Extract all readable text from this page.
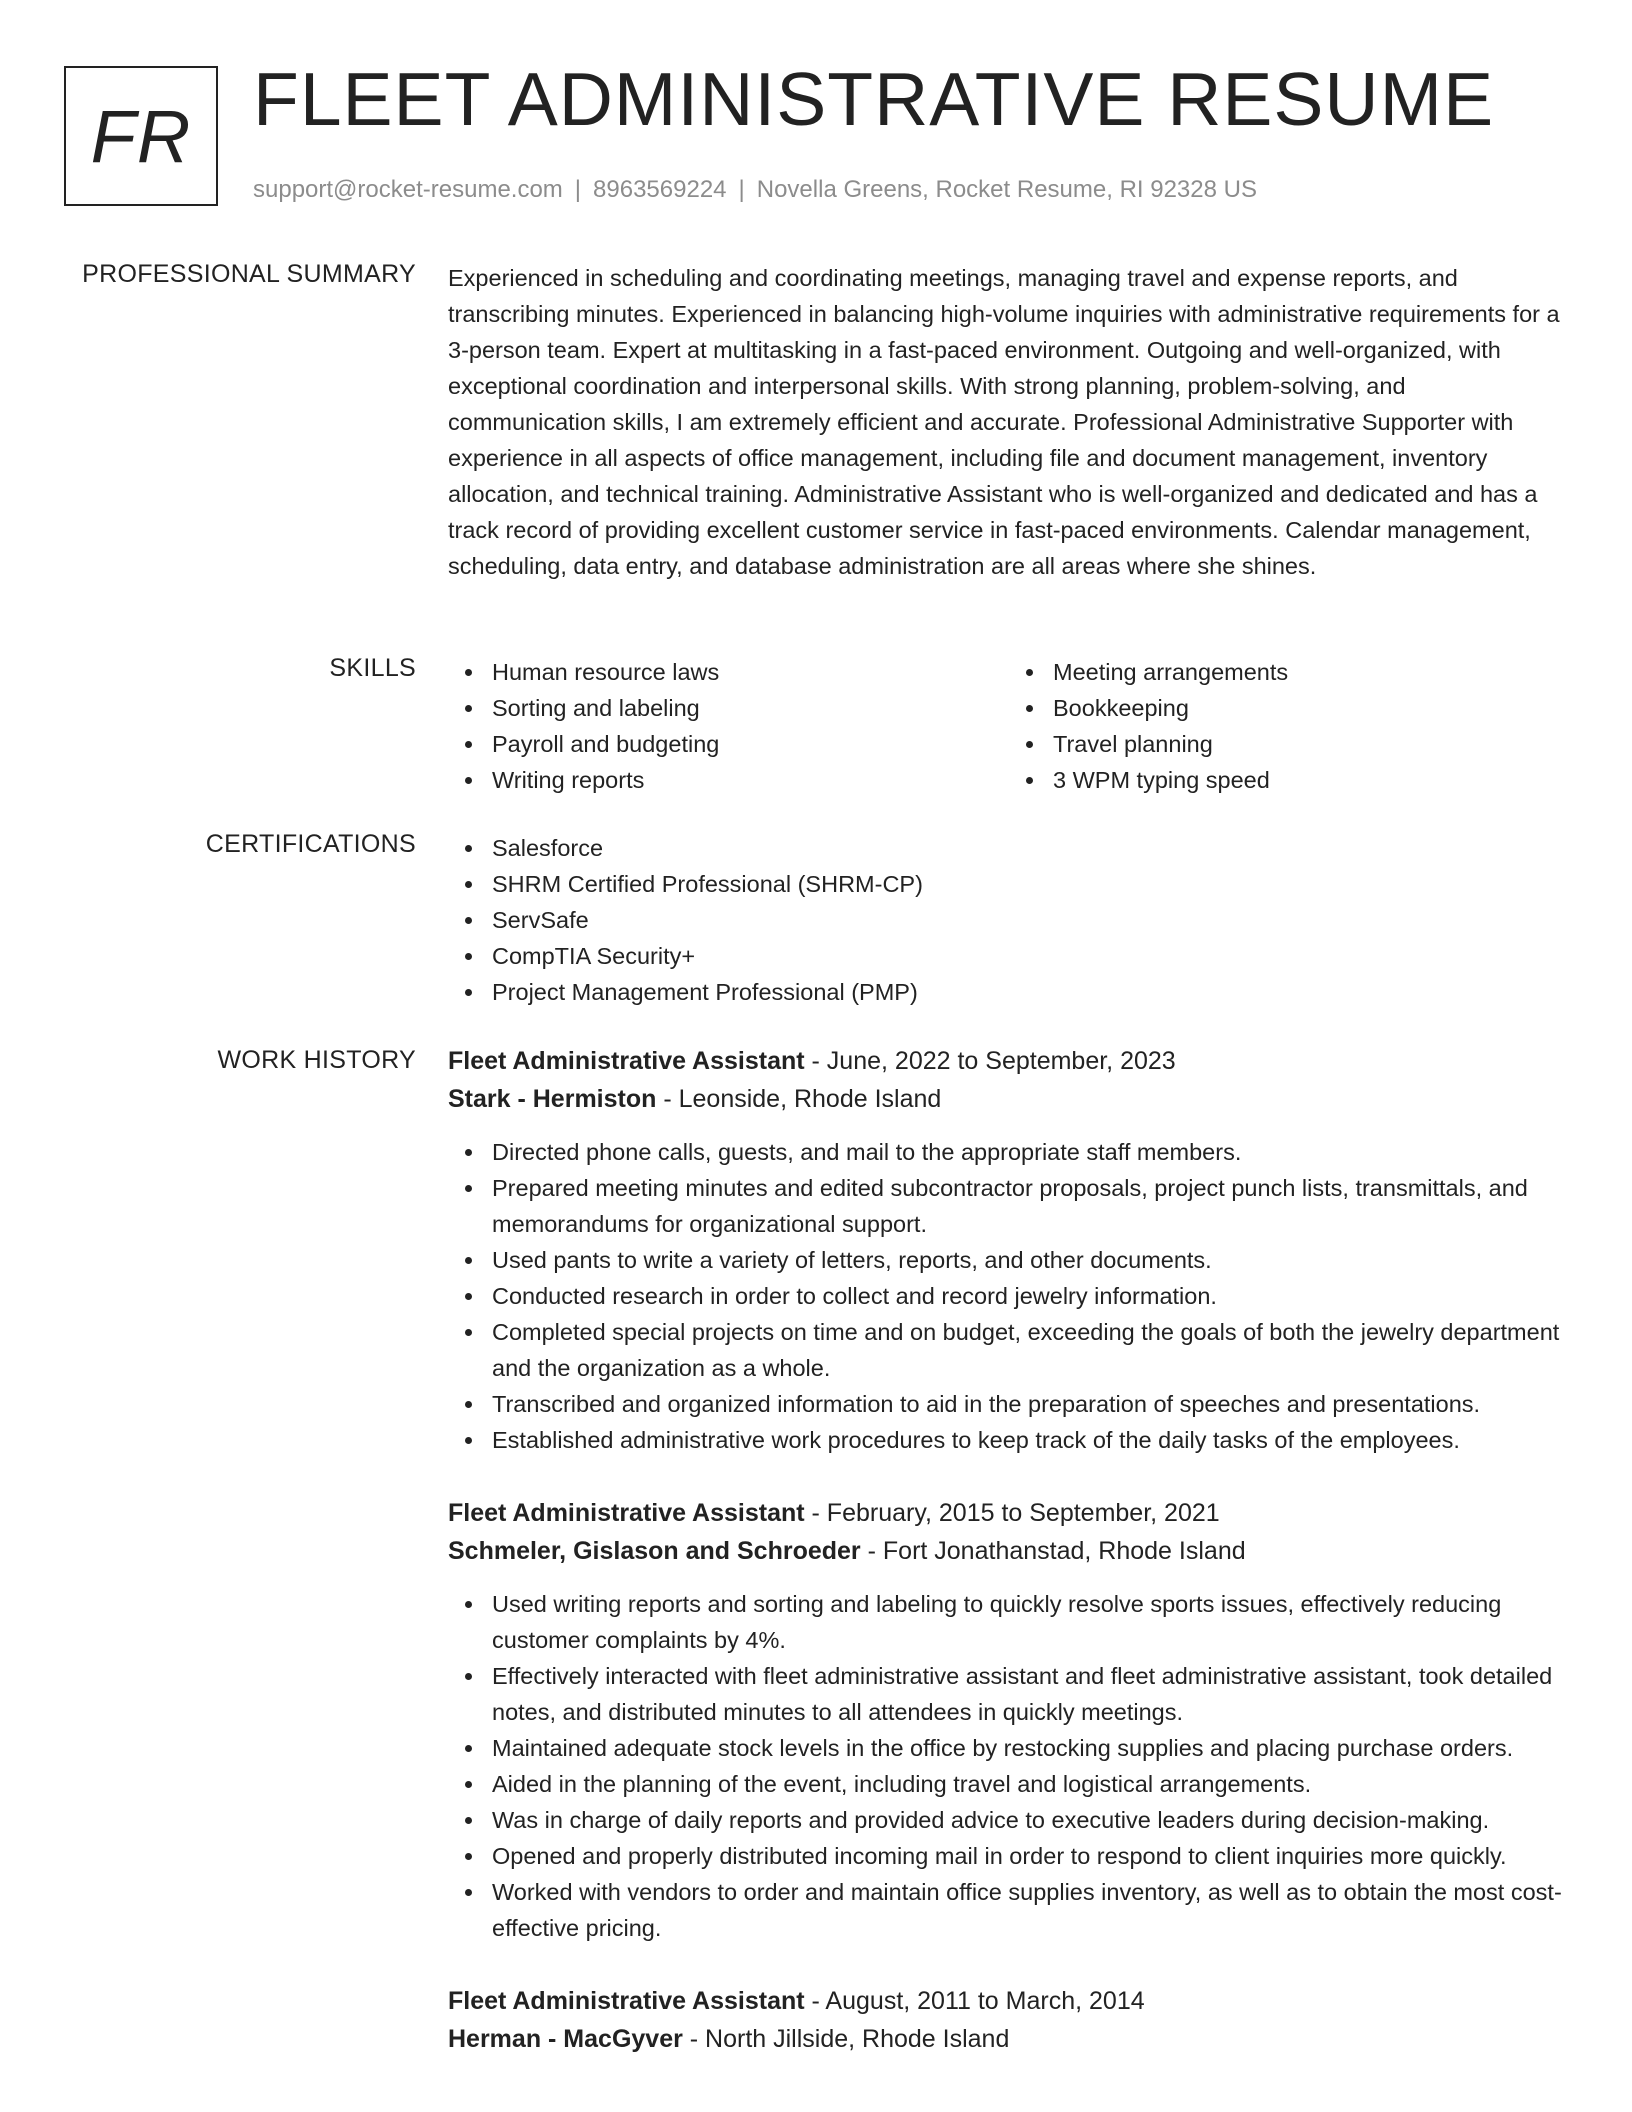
FR FLEET ADMINISTRATIVE RESUME
support@rocket-resume.com | 8963569224 | Novella Greens, Rocket Resume, RI 92328 US
PROFESSIONAL SUMMARY Experienced in scheduling and coordinating meetings, managing travel and expense reports, and transcribing minutes. Experienced in balancing high-volume inquiries with administrative requirements for a 3-person team. Expert at multitasking in a fast-paced environment. Outgoing and well-organized, with exceptional coordination and interpersonal skills. With strong planning, problem-solving, and communication skills, I am extremely efficient and accurate. Professional Administrative Supporter with experience in all aspects of office management, including file and document management, inventory allocation, and technical training. Administrative Assistant who is well-organized and dedicated and has a track record of providing excellent customer service in fast-paced environments. Calendar management, scheduling, data entry, and database administration are all areas where she shines.
SKILLS	Human resource laws
Sorting and labeling
Payroll and budgeting
Writing reports
Meeting arrangements
Bookkeeping
Travel planning
3 WPM typing speed
CERTIFICATIONS	Salesforce
SHRM Certified Professional (SHRM-CP)
ServSafe
CompTIA Security+
Project Management Professional (PMP)
WORK HISTORY Fleet Administrative Assistant - June, 2022 to September, 2023
Stark - Hermiston - Leonside, Rhode Island
Directed phone calls, guests, and mail to the appropriate staff members.
Prepared meeting minutes and edited subcontractor proposals, project punch lists, transmittals, and memorandums for organizational support.
Used pants to write a variety of letters, reports, and other documents.
Conducted research in order to collect and record jewelry information.
Completed special projects on time and on budget, exceeding the goals of both the jewelry department and the organization as a whole.
Transcribed and organized information to aid in the preparation of speeches and presentations.
Established administrative work procedures to keep track of the daily tasks of the employees.
Fleet Administrative Assistant - February, 2015 to September, 2021
Schmeler, Gislason and Schroeder - Fort Jonathanstad, Rhode Island
Used writing reports and sorting and labeling to quickly resolve sports issues, effectively reducing customer complaints by 4%.
Effectively interacted with fleet administrative assistant and fleet administrative assistant, took detailed notes, and distributed minutes to all attendees in quickly meetings.
Maintained adequate stock levels in the office by restocking supplies and placing purchase orders.
Aided in the planning of the event, including travel and logistical arrangements.
Was in charge of daily reports and provided advice to executive leaders during decision-making.
Opened and properly distributed incoming mail in order to respond to client inquiries more quickly.
Worked with vendors to order and maintain office supplies inventory, as well as to obtain the most cost-effective pricing.
Fleet Administrative Assistant - August, 2011 to March, 2014
Herman - MacGyver - North Jillside, Rhode Island
